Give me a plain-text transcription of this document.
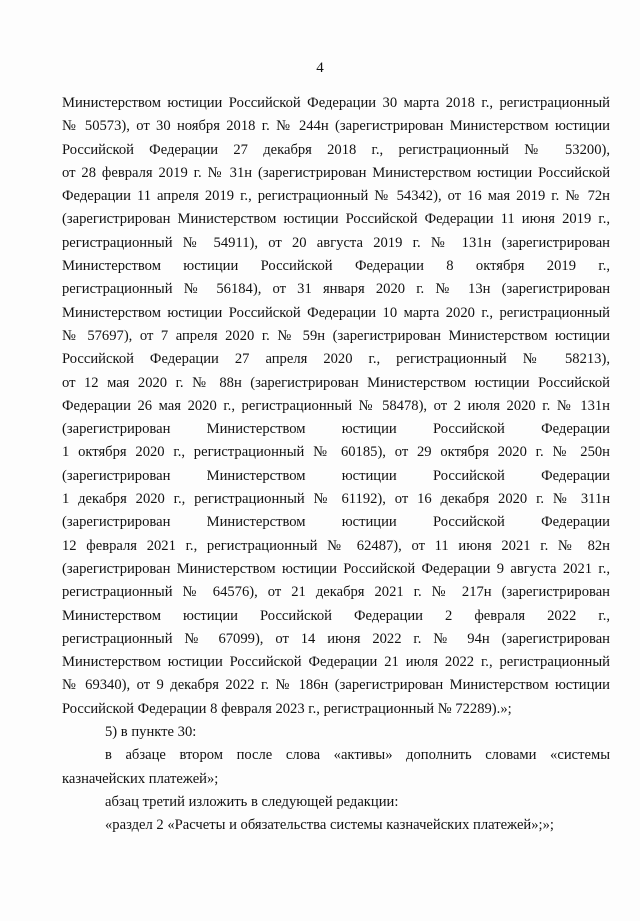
4
Министерством юстиции Российской Федерации 30 марта 2018 г., регистрационный
№ 50573), от 30 ноября 2018 г. № 244н (зарегистрирован Министерством юстиции
Российской Федерации 27 декабря 2018 г., регистрационный № 53200),
от 28 февраля 2019 г. № 31н (зарегистрирован Министерством юстиции Российской
Федерации 11 апреля 2019 г., регистрационный № 54342), от 16 мая 2019 г. № 72н
(зарегистрирован Министерством юстиции Российской Федерации 11 июня 2019 г.,
регистрационный № 54911), от 20 августа 2019 г. № 131н (зарегистрирован
Министерством юстиции Российской Федерации 8 октября 2019 г.,
регистрационный № 56184), от 31 января 2020 г. № 13н (зарегистрирован
Министерством юстиции Российской Федерации 10 марта 2020 г., регистрационный
№ 57697), от 7 апреля 2020 г. № 59н (зарегистрирован Министерством юстиции
Российской Федерации 27 апреля 2020 г., регистрационный № 58213),
от 12 мая 2020 г. № 88н (зарегистрирован Министерством юстиции Российской
Федерации 26 мая 2020 г., регистрационный № 58478), от 2 июля 2020 г. № 131н
(зарегистрирован Министерством юстиции Российской Федерации
1 октября 2020 г., регистрационный № 60185), от 29 октября 2020 г. № 250н
(зарегистрирован Министерством юстиции Российской Федерации
1 декабря 2020 г., регистрационный № 61192), от 16 декабря 2020 г. № 311н
(зарегистрирован Министерством юстиции Российской Федерации
12 февраля 2021 г., регистрационный № 62487), от 11 июня 2021 г. № 82н
(зарегистрирован Министерством юстиции Российской Федерации 9 августа 2021 г.,
регистрационный № 64576), от 21 декабря 2021 г. № 217н (зарегистрирован
Министерством юстиции Российской Федерации 2 февраля 2022 г.,
регистрационный № 67099), от 14 июня 2022 г. № 94н (зарегистрирован
Министерством юстиции Российской Федерации 21 июля 2022 г., регистрационный
№ 69340), от 9 декабря 2022 г. № 186н (зарегистрирован Министерством юстиции
Российской Федерации 8 февраля 2023 г., регистрационный № 72289).»;
5) в пункте 30:
в абзаце втором после слова «активы» дополнить словами «системы
казначейских платежей»;
абзац третий изложить в следующей редакции:
«раздел 2 «Расчеты и обязательства системы казначейских платежей»;»;
